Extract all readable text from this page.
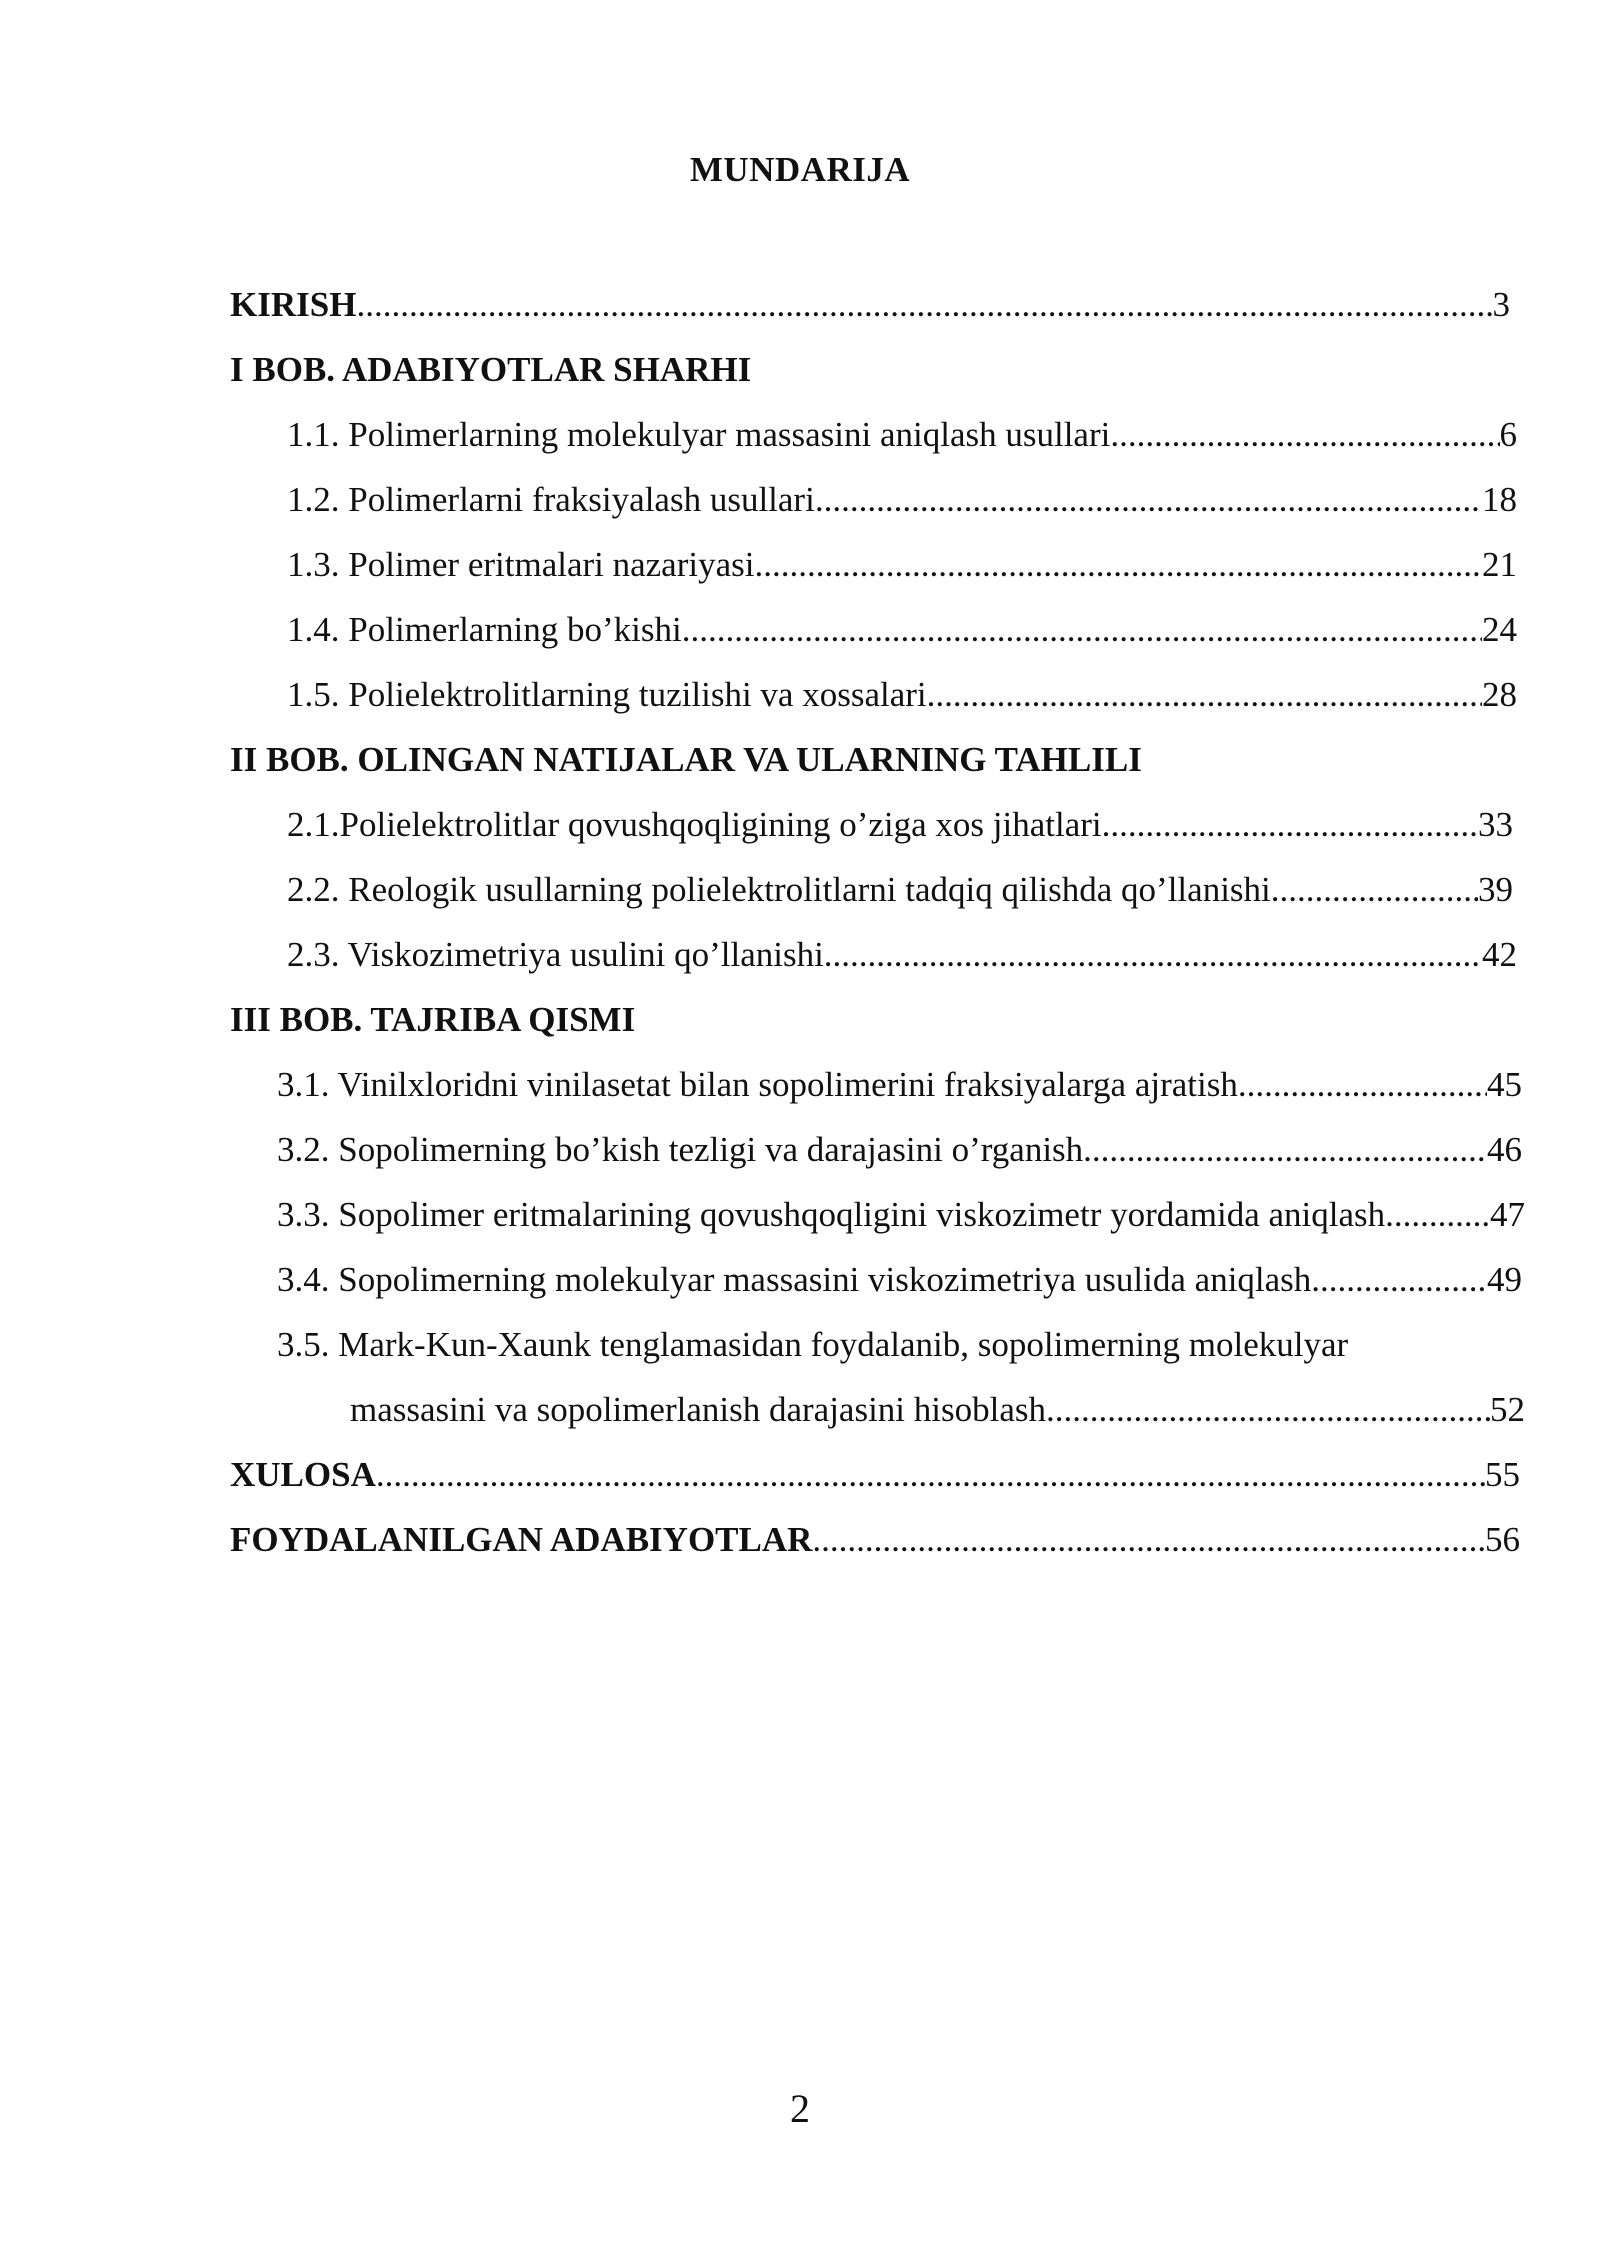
MUNDARIJA
KIRISH .....	3
I BOB. ADABIYOTLAR SHARHI
1.1. Polimerlarning molekulyar massasini aniqlash usullari .....	6
1.2. Polimerlarni fraksiyalash usullari .....	18
1.3. Polimer eritmalari nazariyasi .....	21
1.4. Polimerlarning bo’kishi .....	24
1.5. Polielektrolitlarning tuzilishi va xossalari .....	28
II BOB. OLINGAN NATIJALAR VA ULARNING TAHLILI
2.1.Polielektrolitlar qovushqoqligining o’ziga xos jihatlari .....	33
2.2. Reologik usullarning polielektrolitlarni tadqiq qilishda qo’llanishi .....	39
2.3. Viskozimetriya usulini qo’llanishi .....	42
III BOB. TAJRIBA QISMI
3.1. Vinilxloridni vinilasetat bilan sopolimerini fraksiyalarga ajratish .....	45
3.2. Sopolimerning bo’kish tezligi va darajasini o’rganish .....	46
3.3. Sopolimer eritmalarining qovushqoqligini viskozimetr yordamida aniqlash .....	47
3.4. Sopolimerning molekulyar massasini viskozimetriya usulida aniqlash .....	49
3.5. Mark-Kun-Xaunk tenglamasidan foydalanib, sopolimerning molekulyar
massasini va sopolimerlanish darajasini hisoblash .....	52
XULOSA .....	55
FOYDALANILGAN ADABIYOTLAR .....	56
2
